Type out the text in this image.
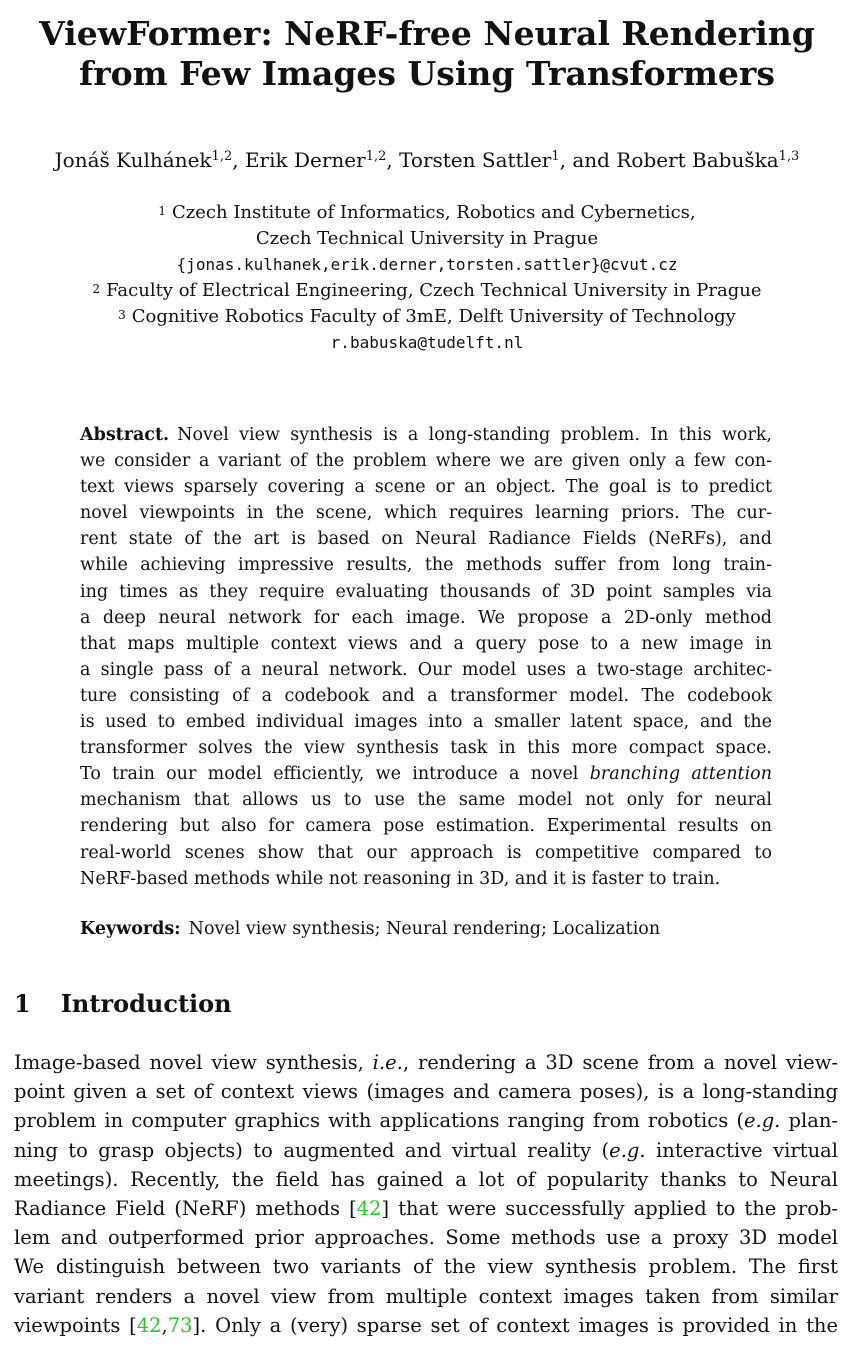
ViewFormer: NeRF-free Neural Rendering
from Few Images Using Transformers
Jonáš Kulhánek$^{1,2}$, Erik Derner$^{1,2}$, Torsten Sattler$^1$, and Robert Babuška$^{1,3}$
$^1$ Czech Institute of Informatics, Robotics and Cybernetics,
Czech Technical University in Prague
{jonas.kulhanek,erik.derner,torsten.sattler}@cvut.cz
$^2$ Faculty of Electrical Engineering, Czech Technical University in Prague
$^3$ Cognitive Robotics Faculty of 3mE, Delft University of Technology
r.babuska@tudelft.nl
Abstract. Novel view synthesis is a long-standing problem. In this work,
we consider a variant of the problem where we are given only a few con-
text views sparsely covering a scene or an object. The goal is to predict
novel viewpoints in the scene, which requires learning priors. The cur-
rent state of the art is based on Neural Radiance Fields (NeRFs), and
while achieving impressive results, the methods suffer from long train-
ing times as they require evaluating thousands of 3D point samples via
a deep neural network for each image. We propose a 2D-only method
that maps multiple context views and a query pose to a new image in
a single pass of a neural network. Our model uses a two-stage architec-
ture consisting of a codebook and a transformer model. The codebook
is used to embed individual images into a smaller latent space, and the
transformer solves the view synthesis task in this more compact space.
To train our model efficiently, we introduce a novel branching attention
mechanism that allows us to use the same model not only for neural
rendering but also for camera pose estimation. Experimental results on
real-world scenes show that our approach is competitive compared to
NeRF-based methods while not reasoning in 3D, and it is faster to train.
Keywords: Novel view synthesis; Neural rendering; Localization
1 Introduction
Image-based novel view synthesis, i.e., rendering a 3D scene from a novel view-
point given a set of context views (images and camera poses), is a long-standing
problem in computer graphics with applications ranging from robotics (e.g. plan-
ning to grasp objects) to augmented and virtual reality (e.g. interactive virtual
meetings). Recently, the field has gained a lot of popularity thanks to Neural
Radiance Field (NeRF) methods [42] that were successfully applied to the prob-
lem and outperformed prior approaches. Some methods use a proxy 3D model
We distinguish between two variants of the view synthesis problem. The first
variant renders a novel view from multiple context images taken from similar
viewpoints [42,73]. Only a (very) sparse set of context images is provided in the
